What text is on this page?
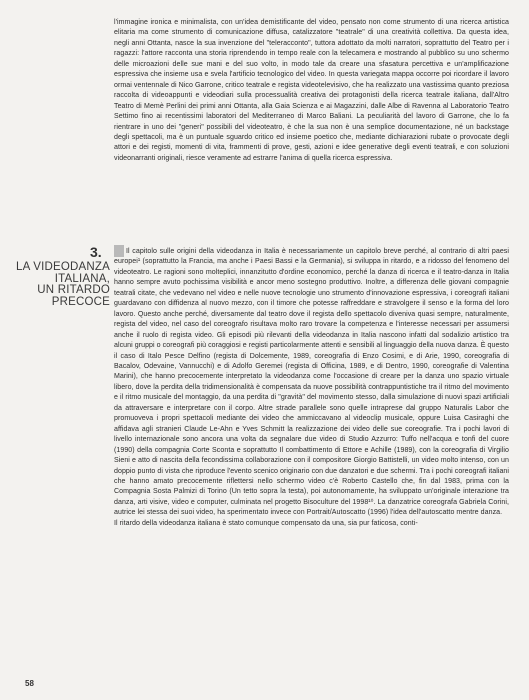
l'immagine ironica e minimalista, con un'idea demistificante del video, pensato non come strumento di una ricerca artistica elitaria ma come strumento di comunicazione diffusa, catalizzatore "teatrale" di una creatività collettiva. Da questa idea, negli anni Ottanta, nasce la sua invenzione del "teleracconto", tuttora adottato da molti narratori, soprattutto del Teatro per i ragazzi: l'attore racconta una storia riprendendo in tempo reale con la telecamera e mostrando al pubblico su uno schermo delle microazioni delle sue mani e del suo volto, in modo tale da creare una sfasatura percettiva e un'amplificazione espressiva che insieme usa e svela l'artificio tecnologico del video. In questa variegata mappa occorre poi ricordare il lavoro ormai ventennale di Nico Garrone, critico teatrale e regista videotelevisivo, che ha realizzato una vastissima quanto preziosa raccolta di videoappunti e videodiari sulla processualità creativa dei protagonisti della ricerca teatrale italiana, dall'Altro Teatro di Memè Perlini dei primi anni Ottanta, alla Gaia Scienza e ai Magazzini, dalle Albe di Ravenna al Laboratorio Teatro Settimo fino ai recentissimi laboratori del Mediterraneo di Marco Baliani. La peculiarità del lavoro di Garrone, che lo fa rientrare in uno dei "generi" possibili del videoteatro, è che la sua non è una semplice documentazione, né un backstage degli spettacoli, ma è un puntuale sguardo critico ed insieme poetico che, mediante dichiarazioni rubate o provocate degli attori e dei registi, momenti di vita, frammenti di prove, gesti, azioni e idee generative degli eventi teatrali, e con soluzioni videonarranti originali, riesce veramente ad estrarre l'anima di quella ricerca espressiva.

3.
LA VIDEODANZA
ITALIANA,
UN RITARDO
PRECOCE

Il capitolo sulle origini della videodanza in Italia è necessariamente un capitolo breve perché, al contrario di altri paesi europei¹ (soprattutto la Francia, ma anche i Paesi Bassi e la Germania), si sviluppa in ritardo, e a ridosso del fenomeno del videoteatro. Le ragioni sono molteplici, innanzitutto d'ordine economico, perché la danza di ricerca e il teatro-danza in Italia hanno sempre avuto pochissima visibilità e ancor meno sostegno produttivo. Inoltre, a differenza delle giovani compagnie teatrali citate, che vedevano nel video e nelle nuove tecnologie uno strumento d'innovazione espressiva, i coreografi italiani guardavano con diffidenza al nuovo mezzo, con il timore che potesse raffreddare e stravolgere il senso e la forma del loro lavoro. Questo anche perché, diversamente dal teatro dove il regista dello spettacolo diveniva quasi sempre, naturalmente, regista del video, nel caso del coreografo risultava molto raro trovare la competenza e l'interesse necessari per assumersi anche il ruolo di regista video. Gli episodi più rilevanti della videodanza in Italia nascono infatti dal sodalizio artistico tra alcuni gruppi o coreografi più coraggiosi e registi particolarmente attenti e sensibili al linguaggio della nuova danza. È questo il caso di Italo Pesce Delfino (regista di Dolcemente, 1989, coreografia di Enzo Cosimi, e di Arie, 1990, coreografia di Bacalov, Odevaine, Vannucchi) e di Adolfo Geremei (regista di Officina, 1989, e di Dentro, 1990, coreografie di Valentina Marini), che hanno precocemente interpretato la videodanza come l'occasione di creare per la danza uno spazio virtuale libero, dove la perdita della tridimensionalità è compensata da nuove possibilità contrappuntistiche tra il ritmo del movimento e il ritmo musicale del montaggio, da una perdita di "gravità" del movimento stesso, dalla simulazione di nuovi spazi artificiali da attraversare e interpretare con il corpo. Altre strade parallele sono quelle intraprese dal gruppo Naturalis Labor che promuoveva i propri spettacoli mediante dei video che ammiccavano al videoclip musicale, oppure Luisa Casiraghi che affidava agli stranieri Claude Le-Ahn e Yves Schmitt la realizzazione dei video delle sue coreografie. Tra i pochi lavori di livello internazionale sono ancora una volta da segnalare due video di Studio Azzurro: Tuffo nell'acqua e tonfi del cuore (1990) della compagnia Corte Sconta e soprattutto Il combattimento di Ettore e Achille (1989), con la coreografia di Virgilio Sieni e atto di nascita della fecondissima collaborazione con il compositore Giorgio Battistelli, un video molto intenso, con un doppio punto di vista che riproduce l'evento scenico originario con due danzatori e due schermi. Tra i pochi coreografi italiani che hanno amato precocemente riflettersi nello schermo video c'è Roberto Castello che, fin dal 1983, prima con la Compagnia Sosta Palmizi di Torino (Un tetto sopra la testa), poi autonomamente, ha sviluppato un'originale interazione tra danza, arti visive, video e computer, culminata nel progetto Bisoculture del 1998¹⁰. La danzatrice coreografa Gabriela Corini, autrice lei stessa dei suoi video, ha sperimentato invece con Portrait/Autoscatto (1996) l'idea dell'autoscatto mentre danza.

Il ritardo della videodanza italiana è stato comunque compensato da una, sia pur faticosa, conti-

58
